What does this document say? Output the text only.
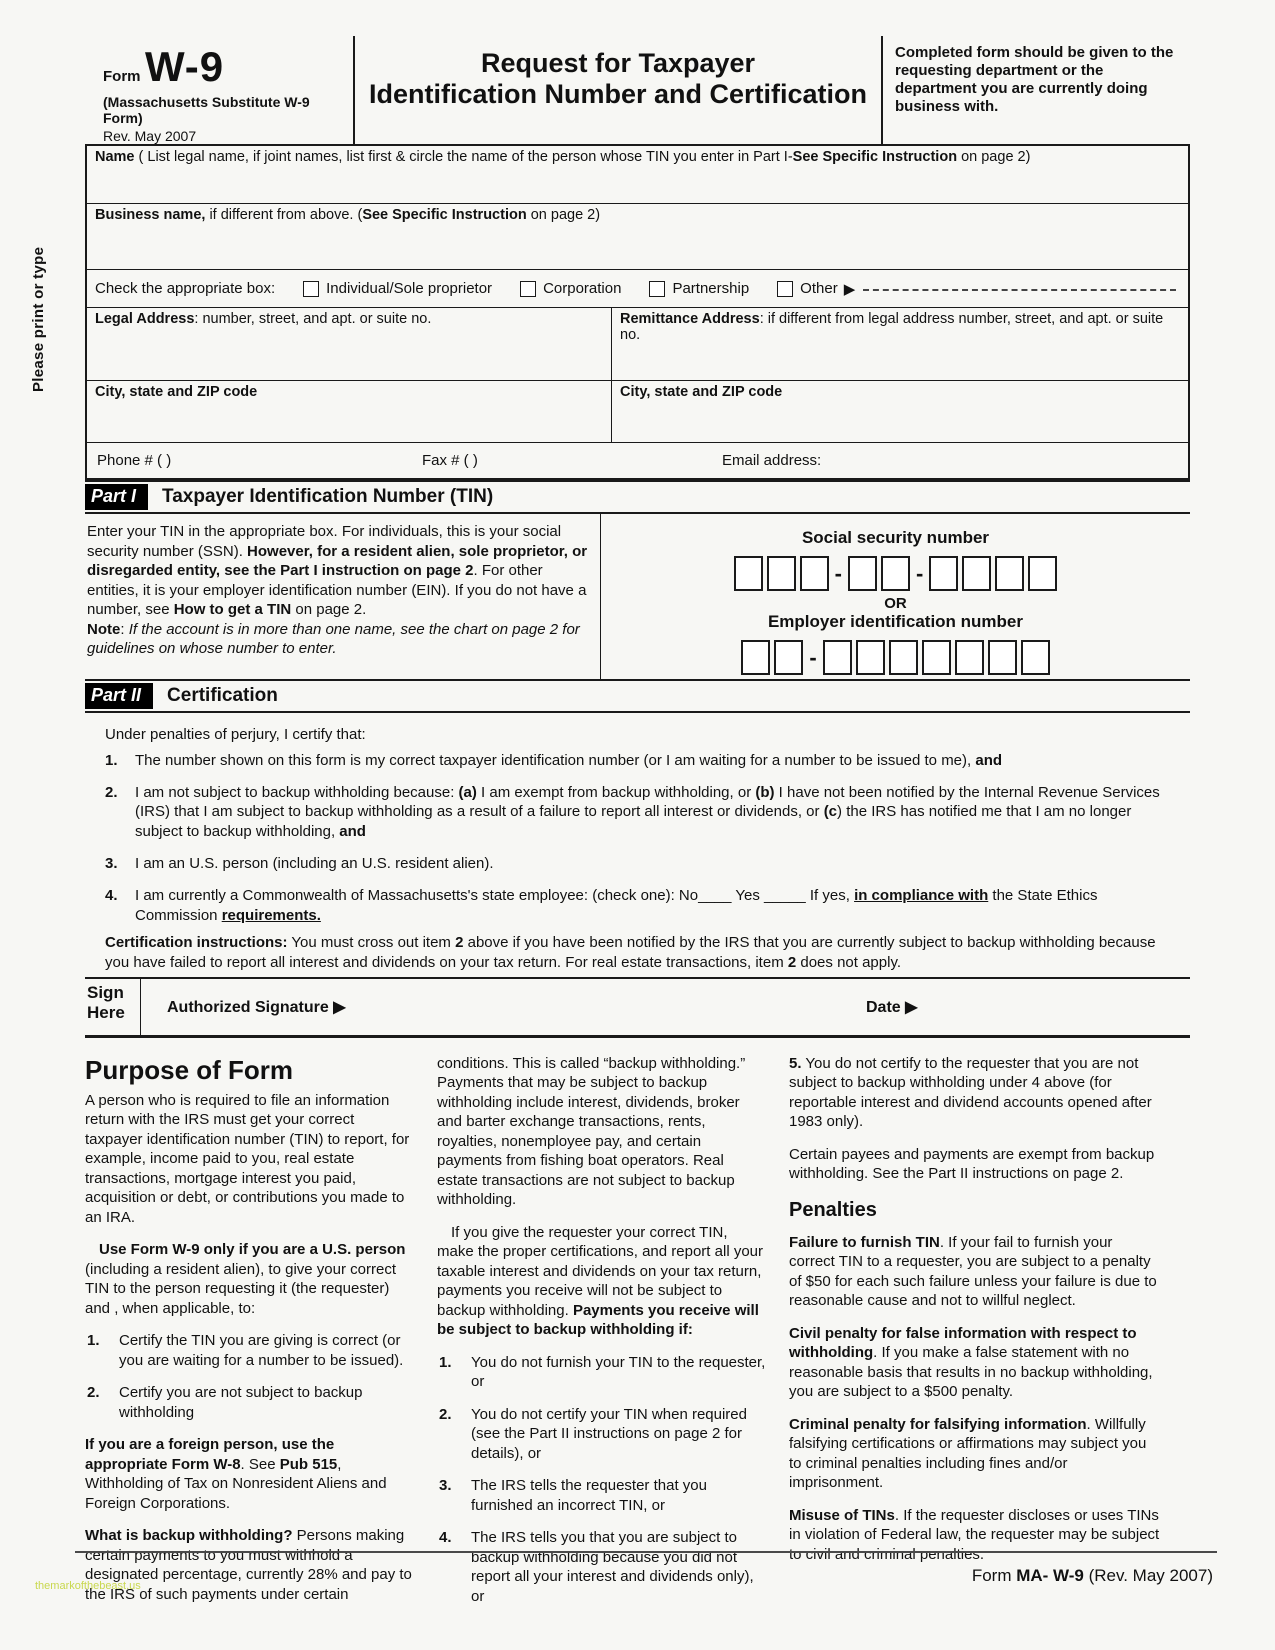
Please print or type
Form W-9
(Massachusetts Substitute W-9 Form)
Rev. May 2007
Request for Taxpayer
Identification Number and Certification
Completed form should be given to the requesting department or the department you are currently doing business with.
Name ( List legal name, if joint names, list first & circle the name of the person whose TIN you enter in Part I-See Specific Instruction on page 2)
Business name, if different from above. (See Specific Instruction on page 2)
Check the appropriate box:	Individual/Sole proprietor	Corporation	Partnership	Other ▶
Legal Address: number, street, and apt. or suite no.	Remittance Address: if different from legal address number, street, and apt. or suite no.
City, state and ZIP code	City, state and ZIP code
Phone # ( )	Fax # ( )	Email address:
Part I	Taxpayer Identification Number (TIN)
Enter your TIN in the appropriate box. For individuals, this is your social security number (SSN). However, for a resident alien, sole proprietor, or disregarded entity, see the Part I instruction on page 2. For other entities, it is your employer identification number (EIN). If you do not have a number, see How to get a TIN on page 2.
Note: If the account is in more than one name, see the chart on page 2 for guidelines on whose number to enter.
Social security number
-	-
OR
Employer identification number
-
Part II	Certification
Under penalties of perjury, I certify that:
1.	The number shown on this form is my correct taxpayer identification number (or I am waiting for a number to be issued to me), and
2.	I am not subject to backup withholding because: (a) I am exempt from backup withholding, or (b) I have not been notified by the Internal Revenue Services (IRS) that I am subject to backup withholding as a result of a failure to report all interest or dividends, or (c) the IRS has notified me that I am no longer subject to backup withholding, and
3.	I am an U.S. person (including an U.S. resident alien).
4.	I am currently a Commonwealth of Massachusetts's state employee: (check one): No____ Yes _____ If yes, in compliance with the State Ethics Commission requirements.
Certification instructions: You must cross out item 2 above if you have been notified by the IRS that you are currently subject to backup withholding because you have failed to report all interest and dividends on your tax return. For real estate transactions, item 2 does not apply.
Sign
Here	Authorized Signature ▶	Date ▶
Purpose of Form

A person who is required to file an information return with the IRS must get your correct taxpayer identification number (TIN) to report, for example, income paid to you, real estate transactions, mortgage interest you paid, acquisition or debt, or contributions you made to an IRA.

Use Form W-9 only if you are a U.S. person (including a resident alien), to give your correct TIN to the person requesting it (the requester) and , when applicable, to:

1.	Certify the TIN you are giving is correct (or you are waiting for a number to be issued).
2.	Certify you are not subject to backup withholding

If you are a foreign person, use the appropriate Form W-8. See Pub 515, Withholding of Tax on Nonresident Aliens and Foreign Corporations.

What is backup withholding? Persons making certain payments to you must withhold a designated percentage, currently 28% and pay to the IRS of such payments under certain

conditions. This is called “backup withholding.” Payments that may be subject to backup withholding include interest, dividends, broker and barter exchange transactions, rents, royalties, nonemployee pay, and certain payments from fishing boat operators. Real estate transactions are not subject to backup withholding.

If you give the requester your correct TIN, make the proper certifications, and report all your taxable interest and dividends on your tax return, payments you receive will not be subject to backup withholding. Payments you receive will be subject to backup withholding if:

1.	You do not furnish your TIN to the requester, or
2.	You do not certify your TIN when required (see the Part II instructions on page 2 for details), or
3.	The IRS tells the requester that you furnished an incorrect TIN, or
4.	The IRS tells you that you are subject to backup withholding because you did not report all your interest and dividends only), or

5. You do not certify to the requester that you are not subject to backup withholding under 4 above (for reportable interest and dividend accounts opened after 1983 only).

Certain payees and payments are exempt from backup withholding. See the Part II instructions on page 2.

Penalties

Failure to furnish TIN. If your fail to furnish your correct TIN to a requester, you are subject to a penalty of $50 for each such failure unless your failure is due to reasonable cause and not to willful neglect.

Civil penalty for false information with respect to withholding. If you make a false statement with no reasonable basis that results in no backup withholding, you are subject to a $500 penalty.

Criminal penalty for falsifying information. Willfully falsifying certifications or affirmations may subject you to criminal penalties including fines and/or imprisonment.

Misuse of TINs. If the requester discloses or uses TINs in violation of Federal law, the requester may be subject to civil and criminal penalties.

themarkofthebeast.us
Form MA- W-9 (Rev. May 2007)
